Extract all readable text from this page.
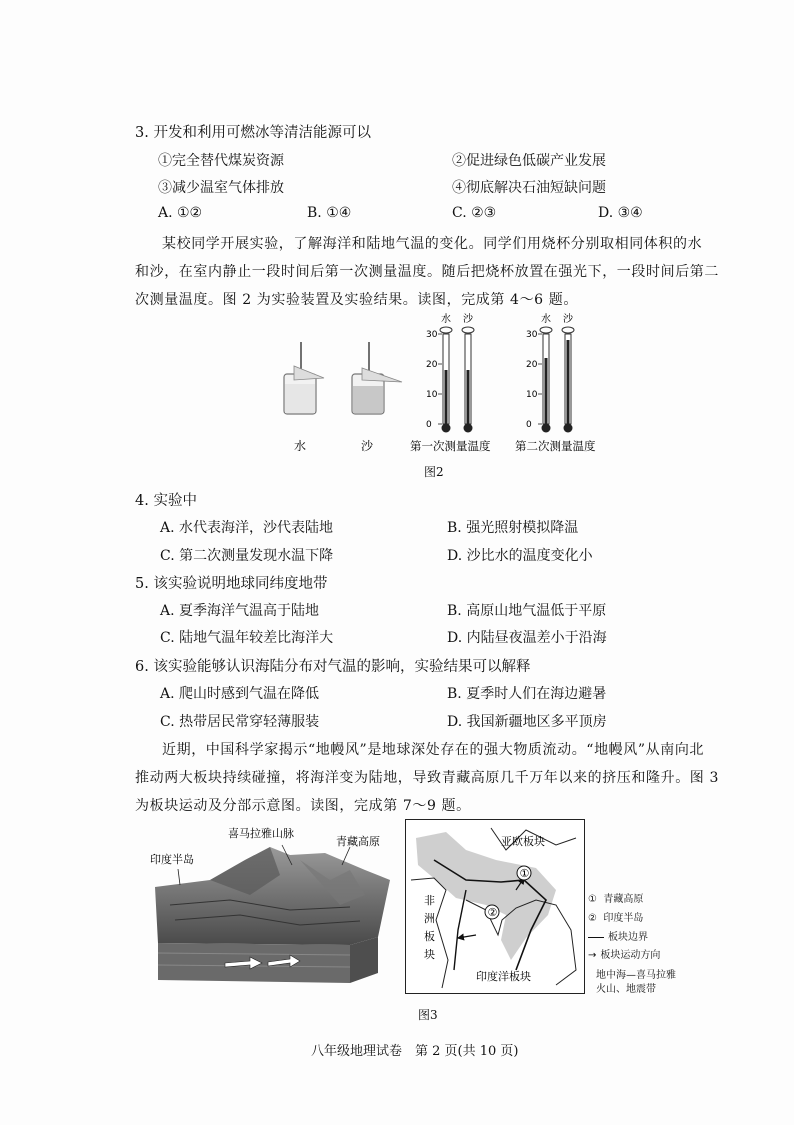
3. 开发和利用可燃冰等清洁能源可以
①完全替代煤炭资源	②促进绿色低碳产业发展
③减少温室气体排放	④彻底解决石油短缺问题
A. ①②	B. ①④	C. ②③	D. ③④
某校同学开展实验，了解海洋和陆地气温的变化。同学们用烧杯分别取相同体积的水
和沙，在室内静止一段时间后第一次测量温度。随后把烧杯放置在强光下，一段时间后第二
次测量温度。图 2 为实验装置及实验结果。读图，完成第 4～6 题。
水	沙
30
20
10
0
水 沙
30
20
10
0
水 沙
第一次测量温度 第二次测量温度
图2
4. 实验中
A. 水代表海洋，沙代表陆地	B. 强光照射模拟降温
C. 第二次测量发现水温下降	D. 沙比水的温度变化小
5. 该实验说明地球同纬度地带
A. 夏季海洋气温高于陆地	B. 高原山地气温低于平原
C. 陆地气温年较差比海洋大	D. 内陆昼夜温差小于沿海
6. 该实验能够认识海陆分布对气温的影响，实验结果可以解释
A. 爬山时感到气温在降低	B. 夏季时人们在海边避暑
C. 热带居民常穿轻薄服装	D. 我国新疆地区多平顶房
近期，中国科学家揭示“地幔风”是地球深处存在的强大物质流动。“地幔风”从南向北
推动两大板块持续碰撞，将海洋变为陆地，导致青藏高原几千万年以来的挤压和隆升。图 3
为板块运动及分部示意图。读图，完成第 7～9 题。
喜马拉雅山脉
青藏高原
印度半岛
①
②
亚欧板块
非
洲
板
块
印度洋板块
① 青藏高原
② 印度半岛
板块边界
→ 板块运动方向
地中海—喜马拉雅
火山、地震带
图3
八年级地理试卷　第 2 页(共 10 页)
